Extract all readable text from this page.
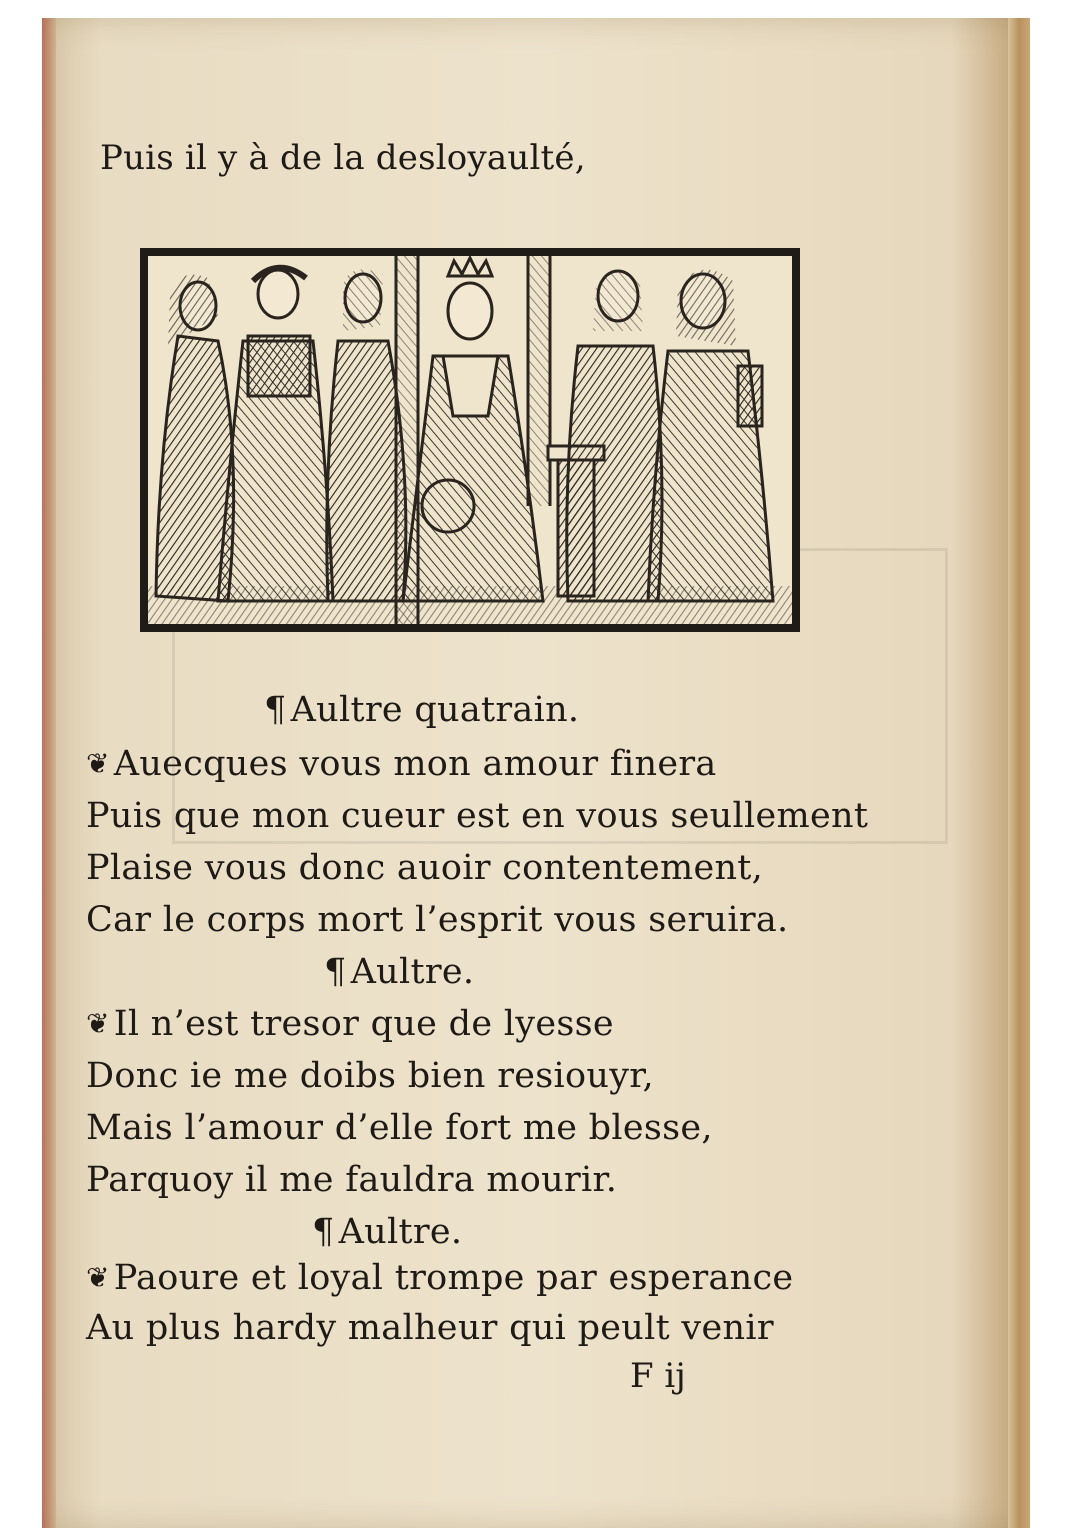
Puis il y à de la desloyaulté,
¶ Aultre quatrain.
❦ Auecques vous mon amour finera
Puis que mon cueur est en vous seullement
Plaise vous donc auoir contentement,
Car le corps mort l’esprit vous seruira.
¶ Aultre.
❦ Il n’est tresor que de lyesse
Donc ie me doibs bien resiouyr,
Mais l’amour d’elle fort me blesse,
Parquoy il me fauldra mourir.
¶ Aultre.
❦ Paoure et loyal trompe par esperance
Au plus hardy malheur qui peult venir
F ij
